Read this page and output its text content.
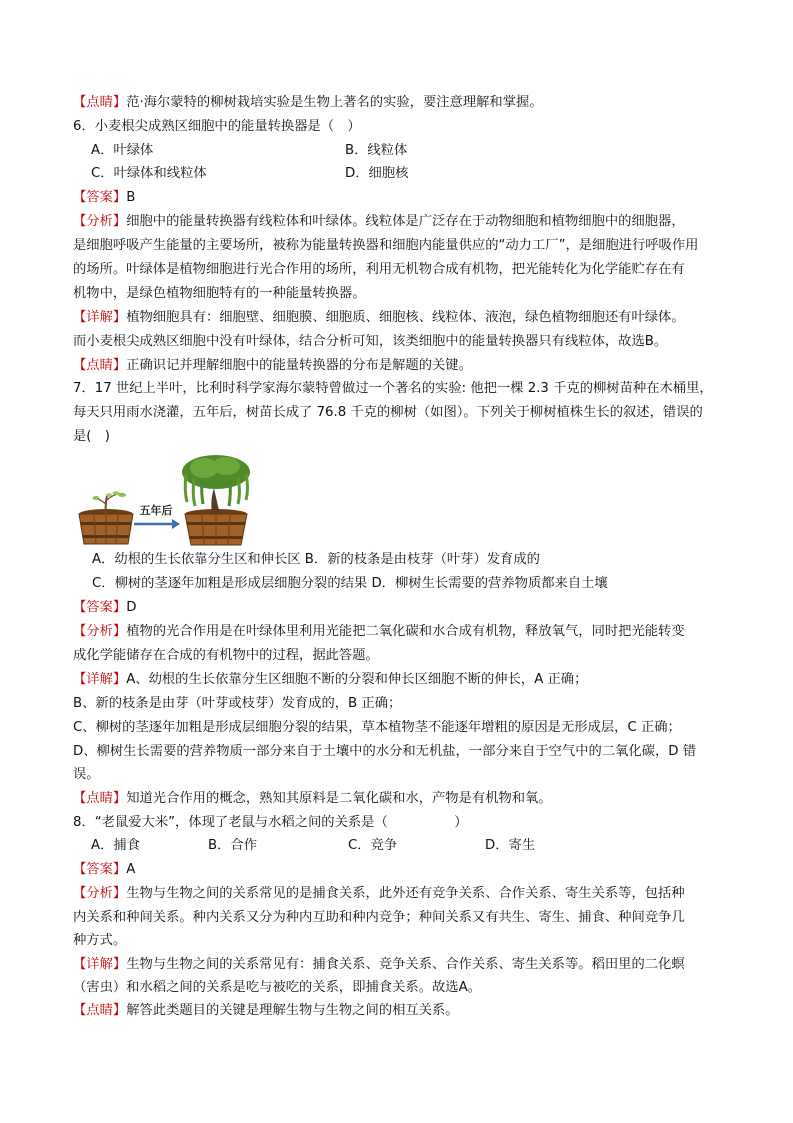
【点睛】范·海尔蒙特的柳树栽培实验是生物上著名的实验，要注意理解和掌握。
6．小麦根尖成熟区细胞中的能量转换器是（　）
A．叶绿体	B．线粒体
C．叶绿体和线粒体	D．细胞核
【答案】B
【分析】细胞中的能量转换器有线粒体和叶绿体。线粒体是广泛存在于动物细胞和植物细胞中的细胞器，
是细胞呼吸产生能量的主要场所，被称为能量转换器和细胞内能量供应的“动力工厂”，是细胞进行呼吸作用
的场所。叶绿体是植物细胞进行光合作用的场所，利用无机物合成有机物，把光能转化为化学能贮存在有
机物中，是绿色植物细胞特有的一种能量转换器。
【详解】植物细胞具有：细胞壁、细胞膜、细胞质、细胞核、线粒体、液泡，绿色植物细胞还有叶绿体。
而小麦根尖成熟区细胞中没有叶绿体，结合分析可知，该类细胞中的能量转换器只有线粒体，故选B。
【点睛】正确识记并理解细胞中的能量转换器的分布是解题的关键。
7．17 世纪上半叶，比利时科学家海尔蒙特曾做过一个著名的实验: 他把一棵 2.3 千克的柳树苗种在木桶里，
每天只用雨水浇灌，五年后，树苗长成了 76.8 千克的柳树（如图）。下列关于柳树植株生长的叙述，错误的
是(　)
五年后
A．幼根的生长依靠分生区和伸长区 B．新的枝条是由枝芽（叶芽）发育成的
C．柳树的茎逐年加粗是形成层细胞分裂的结果 D．柳树生长需要的营养物质都来自土壤
【答案】D
【分析】植物的光合作用是在叶绿体里利用光能把二氧化碳和水合成有机物，释放氧气，同时把光能转变
成化学能储存在合成的有机物中的过程，据此答题。
【详解】A、幼根的生长依靠分生区细胞不断的分裂和伸长区细胞不断的伸长，A 正确；
B、新的枝条是由芽（叶芽或枝芽）发育成的，B 正确；
C、柳树的茎逐年加粗是形成层细胞分裂的结果，草本植物茎不能逐年增粗的原因是无形成层，C 正确；
D、柳树生长需要的营养物质一部分来自于土壤中的水分和无机盐，一部分来自于空气中的二氧化碳，D 错
误。
【点睛】知道光合作用的概念，熟知其原料是二氧化碳和水，产物是有机物和氧。
8．“老鼠爱大米”，体现了老鼠与水稻之间的关系是（　　　　　）
A．捕食	B．合作	C．竞争	D．寄生
【答案】A
【分析】生物与生物之间的关系常见的是捕食关系，此外还有竞争关系、合作关系、寄生关系等，包括种
内关系和种间关系。种内关系又分为种内互助和种内竞争；种间关系又有共生、寄生、捕食、种间竞争几
种方式。
【详解】生物与生物之间的关系常见有：捕食关系、竞争关系、合作关系、寄生关系等。稻田里的二化螟
（害虫）和水稻之间的关系是吃与被吃的关系，即捕食关系。故选A。
【点睛】解答此类题目的关键是理解生物与生物之间的相互关系。
